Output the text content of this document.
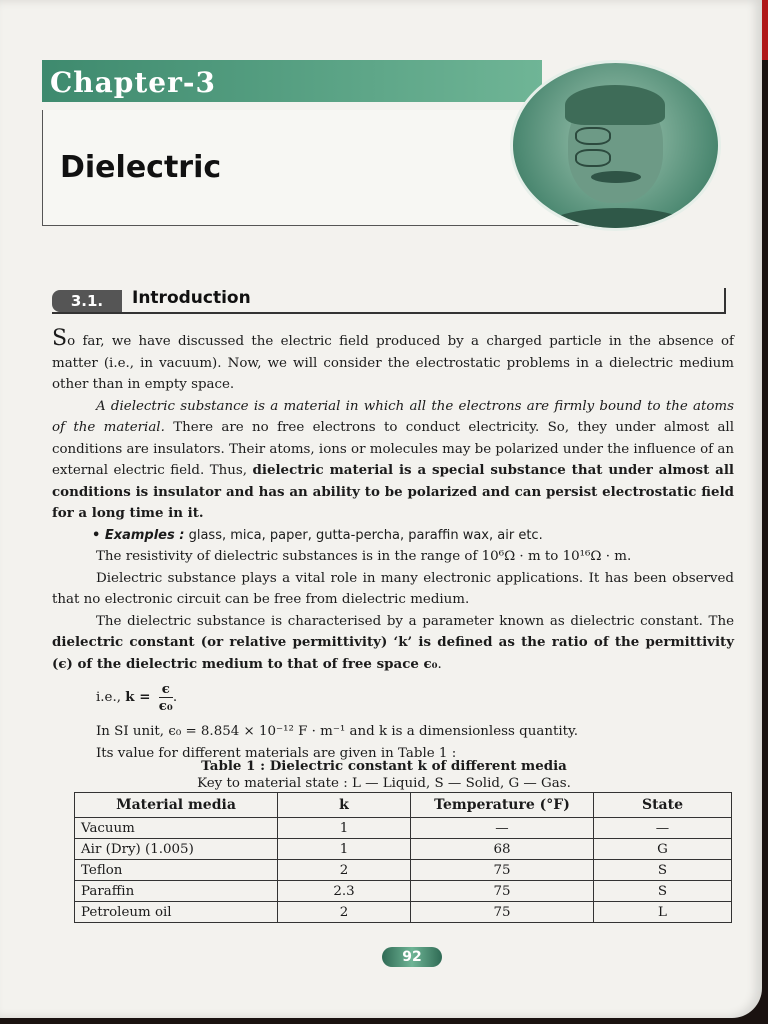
Chapter-3
Dielectric
3.1.	Introduction

So far, we have discussed the electric field produced by a charged particle in the absence of matter (i.e., in vacuum). Now, we will consider the electrostatic problems in a dielectric medium other than in empty space.

A dielectric substance is a material in which all the electrons are firmly bound to the atoms of the material. There are no free electrons to conduct electricity. So, they under almost all conditions are insulators. Their atoms, ions or molecules may be polarized under the influence of an external electric field. Thus, dielectric material is a special substance that under almost all conditions is insulator and has an ability to be polarized and can persist electrostatic field for a long time in it.

• Examples : glass, mica, paper, gutta-percha, paraffin wax, air etc.

The resistivity of dielectric substances is in the range of 10⁶Ω · m to 10¹⁶Ω · m.

Dielectric substance plays a vital role in many electronic applications. It has been observed that no electronic circuit can be free from dielectric medium.

The dielectric substance is characterised by a parameter known as dielectric constant. The dielectric constant (or relative permittivity) ‘k’ is defined as the ratio of the permittivity (ϵ) of the dielectric medium to that of free space ϵ₀.

i.e., $k = \frac{\epsilon}{\text{ϵ₀}}$ .

In SI unit, ϵ₀ = 8.854 × 10⁻¹² F · m⁻¹ and k is a dimensionless quantity.

Its value for different materials are given in Table 1 :

Table 1 : Dielectric constant k of different media
Key to material state : L — Liquid, S — Solid, G — Gas.
Material media	k	Temperature (°F)	State
Vacuum	1	—	—
Air (Dry) (1.005)	1	68	G
Teflon	2	75	S
Paraffin	2.3	75	S
Petroleum oil	2	75	L
92
